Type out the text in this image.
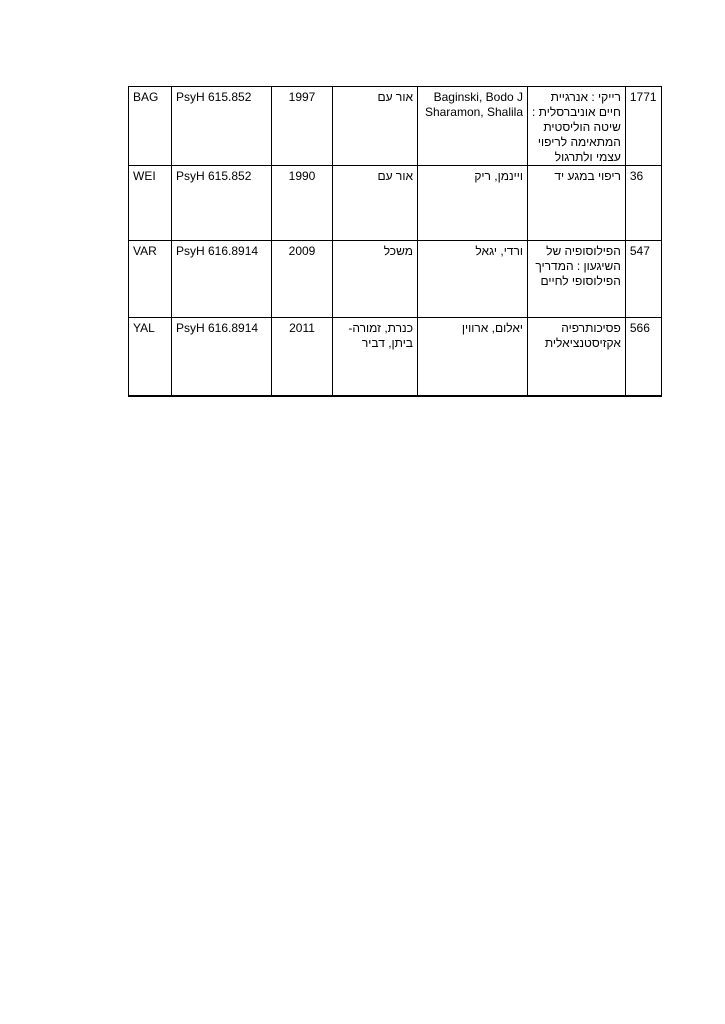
BAG	PsyH 615.852	1997	אור עם	Baginski, Bodo J
Sharamon, Shalila	רייקי : אנרגיית
חיים אוניברסלית :
שיטה הוליסטית
המתאימה לריפוי
עצמי ולתרגול	1771
WEI	PsyH 615.852	1990	אור עם	ויינמן, ריק	ריפוי במגע יד	36
VAR	PsyH 616.8914	2009	משכל	ורדי, יגאל	הפילוסופיה של
השיגעון : המדריך
הפילוסופי לחיים	547
YAL	PsyH 616.8914	2011	כנרת, זמורה-
ביתן, דביר	יאלום, ארווין	פסיכותרפיה
אקזיסטנציאלית	566
